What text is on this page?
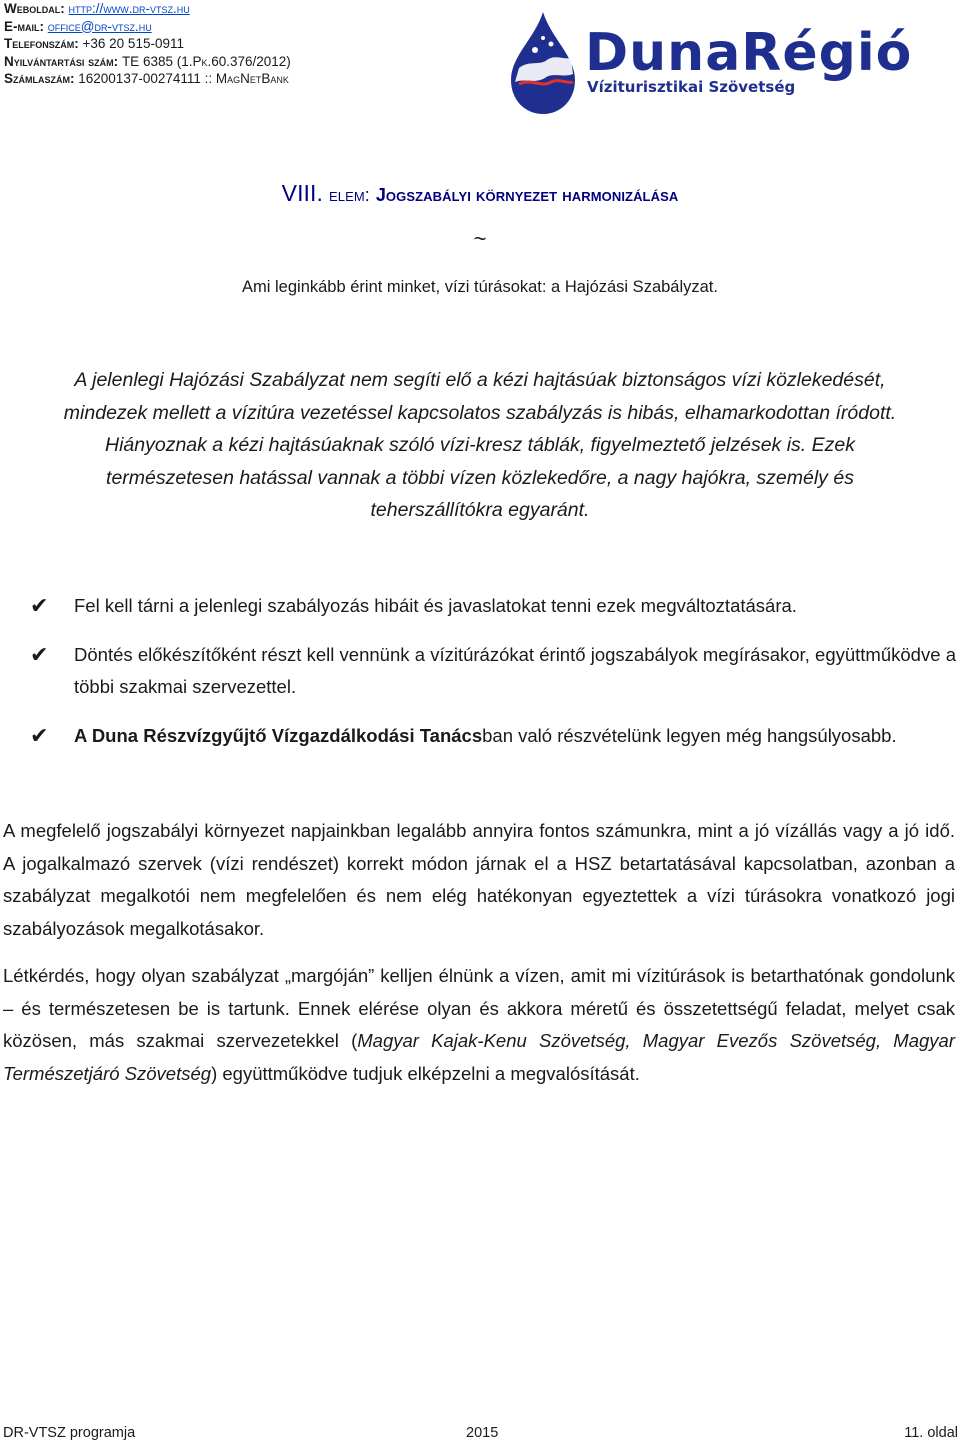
Weboldal: http://www.dr-vtsz.hu
E-mail: office@dr-vtsz.hu
Telefonszám: +36 20 515-0911
Nyilvántartási szám: TE 6385 (1.Pk.60.376/2012)
Számlaszám: 16200137-00274111 :: MagNetBank	DunaRégió
Víziturisztikai Szövetség
VIII. elem: Jogszabályi környezet harmonizálása
~
Ami leginkább érint minket, vízi túrásokat: a Hajózási Szabályzat.
A jelenlegi Hajózási Szabályzat nem segíti elő a kézi hajtásúak biztonságos vízi közlekedését, mindezek mellett a vízitúra vezetéssel kapcsolatos szabályzás is hibás, elhamarkodottan íródott. Hiányoznak a kézi hajtásúaknak szóló vízi-kresz táblák, figyelmeztető jelzések is. Ezek természetesen hatással vannak a többi vízen közlekedőre, a nagy hajókra, személy és teherszállítókra egyaránt.
✔ Fel kell tárni a jelenlegi szabályozás hibáit és javaslatokat tenni ezek megváltoztatására.
✔ Döntés előkészítőként részt kell vennünk a vízitúrázókat érintő jogszabályok megírásakor, együttműködve a többi szakmai szervezettel.
✔ A Duna Részvízgyűjtő Vízgazdálkodási Tanácsban való részvételünk legyen még hangsúlyosabb.
A megfelelő jogszabályi környezet napjainkban legalább annyira fontos számunkra, mint a jó vízállás vagy a jó idő. A jogalkalmazó szervek (vízi rendészet) korrekt módon járnak el a HSZ betartatásával kapcsolatban, azonban a szabályzat megalkotói nem megfelelően és nem elég hatékonyan egyeztettek a vízi túrásokra vonatkozó jogi szabályozások megalkotásakor.
Létkérdés, hogy olyan szabályzat „margóján” kelljen élnünk a vízen, amit mi vízitúrások is betarthatónak gondolunk – és természetesen be is tartunk. Ennek elérése olyan és akkora méretű és összetettségű feladat, melyet csak közösen, más szakmai szervezetekkel (Magyar Kajak-Kenu Szövetség, Magyar Evezős Szövetség, Magyar Természetjáró Szövetség) együttműködve tudjuk elképzelni a megvalósítását.
DR-VTSZ programja	2015	11. oldal
